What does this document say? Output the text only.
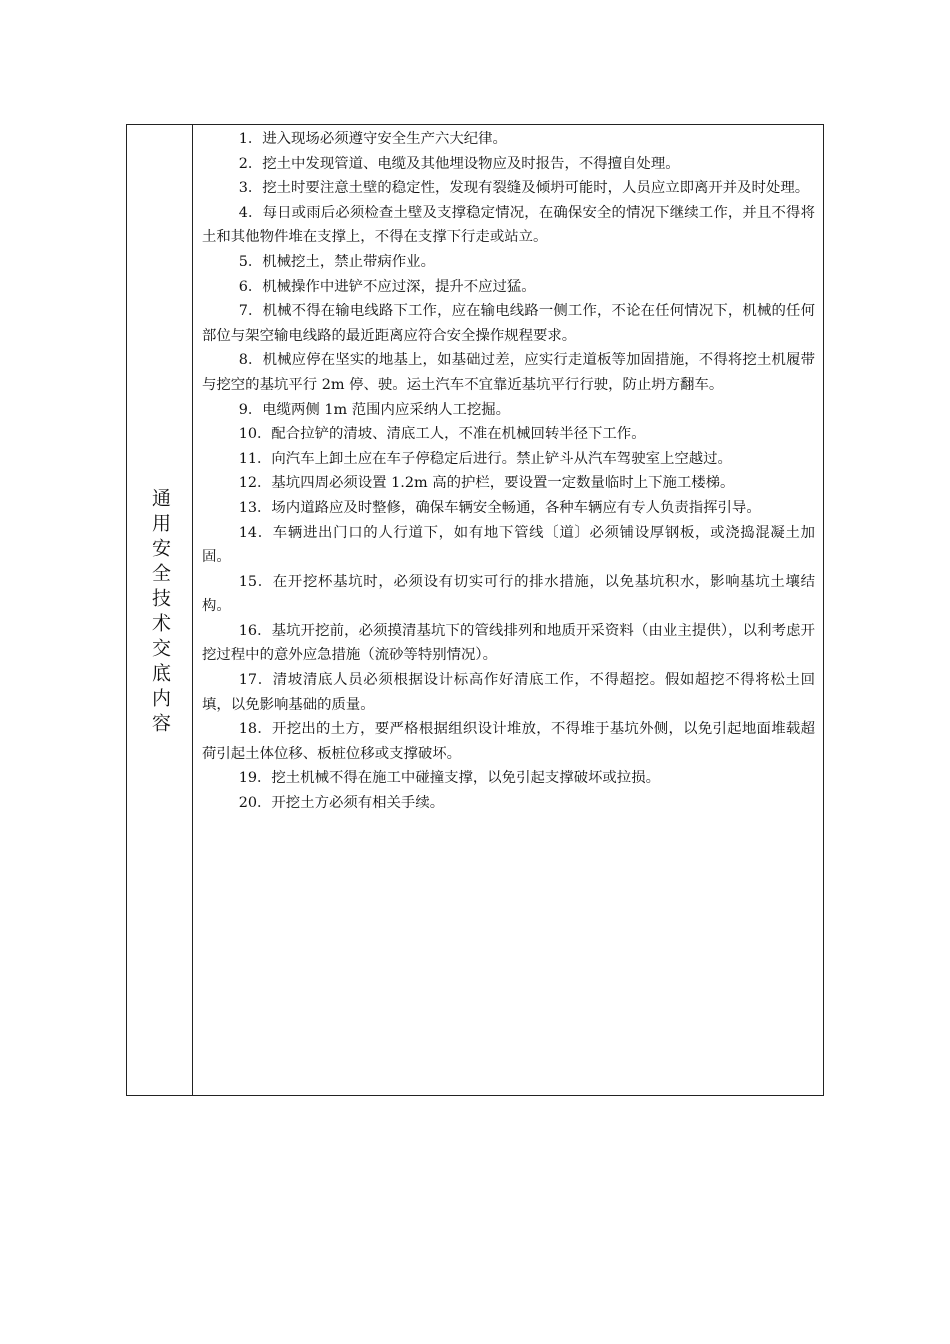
通用安全技术交底内容

1．进入现场必须遵守安全生产六大纪律。

2．挖土中发现管道、电缆及其他埋设物应及时报告，不得擅自处理。

3．挖土时要注意土壁的稳定性，发现有裂缝及倾坍可能时，人员应立即离开并及时处理。

4．每日或雨后必须检查土壁及支撑稳定情况，在确保安全的情况下继续工作，并且不得将土和其他物件堆在支撑上，不得在支撑下行走或站立。

5．机械挖土，禁止带病作业。

6．机械操作中进铲不应过深，提升不应过猛。

7．机械不得在输电线路下工作，应在输电线路一侧工作，不论在任何情况下，机械的任何部位与架空输电线路的最近距离应符合安全操作规程要求。

8．机械应停在坚实的地基上，如基础过差，应实行走道板等加固措施，不得将挖土机履带与挖空的基坑平行 2m 停、驶。运土汽车不宜靠近基坑平行行驶，防止坍方翻车。

9．电缆两侧 1m 范围内应采纳人工挖掘。

10．配合拉铲的清坡、清底工人，不准在机械回转半径下工作。

11．向汽车上卸土应在车子停稳定后进行。禁止铲斗从汽车驾驶室上空越过。

12．基坑四周必须设置 1.2m 高的护栏，要设置一定数量临时上下施工楼梯。

13．场内道路应及时整修，确保车辆安全畅通，各种车辆应有专人负责指挥引导。

14．车辆进出门口的人行道下，如有地下管线〔道〕必须铺设厚钢板，或浇捣混凝土加固。

15．在开挖杯基坑时，必须设有切实可行的排水措施，以免基坑积水，影响基坑土壤结构。

16．基坑开挖前，必须摸清基坑下的管线排列和地质开采资料（由业主提供），以利考虑开挖过程中的意外应急措施（流砂等特别情况）。

17．清坡清底人员必须根据设计标高作好清底工作，不得超挖。假如超挖不得将松土回填，以免影响基础的质量。

18．开挖出的土方，要严格根据组织设计堆放，不得堆于基坑外侧，以免引起地面堆载超荷引起土体位移、板桩位移或支撑破坏。

19．挖土机械不得在施工中碰撞支撑，以免引起支撑破坏或拉损。

20．开挖土方必须有相关手续。
